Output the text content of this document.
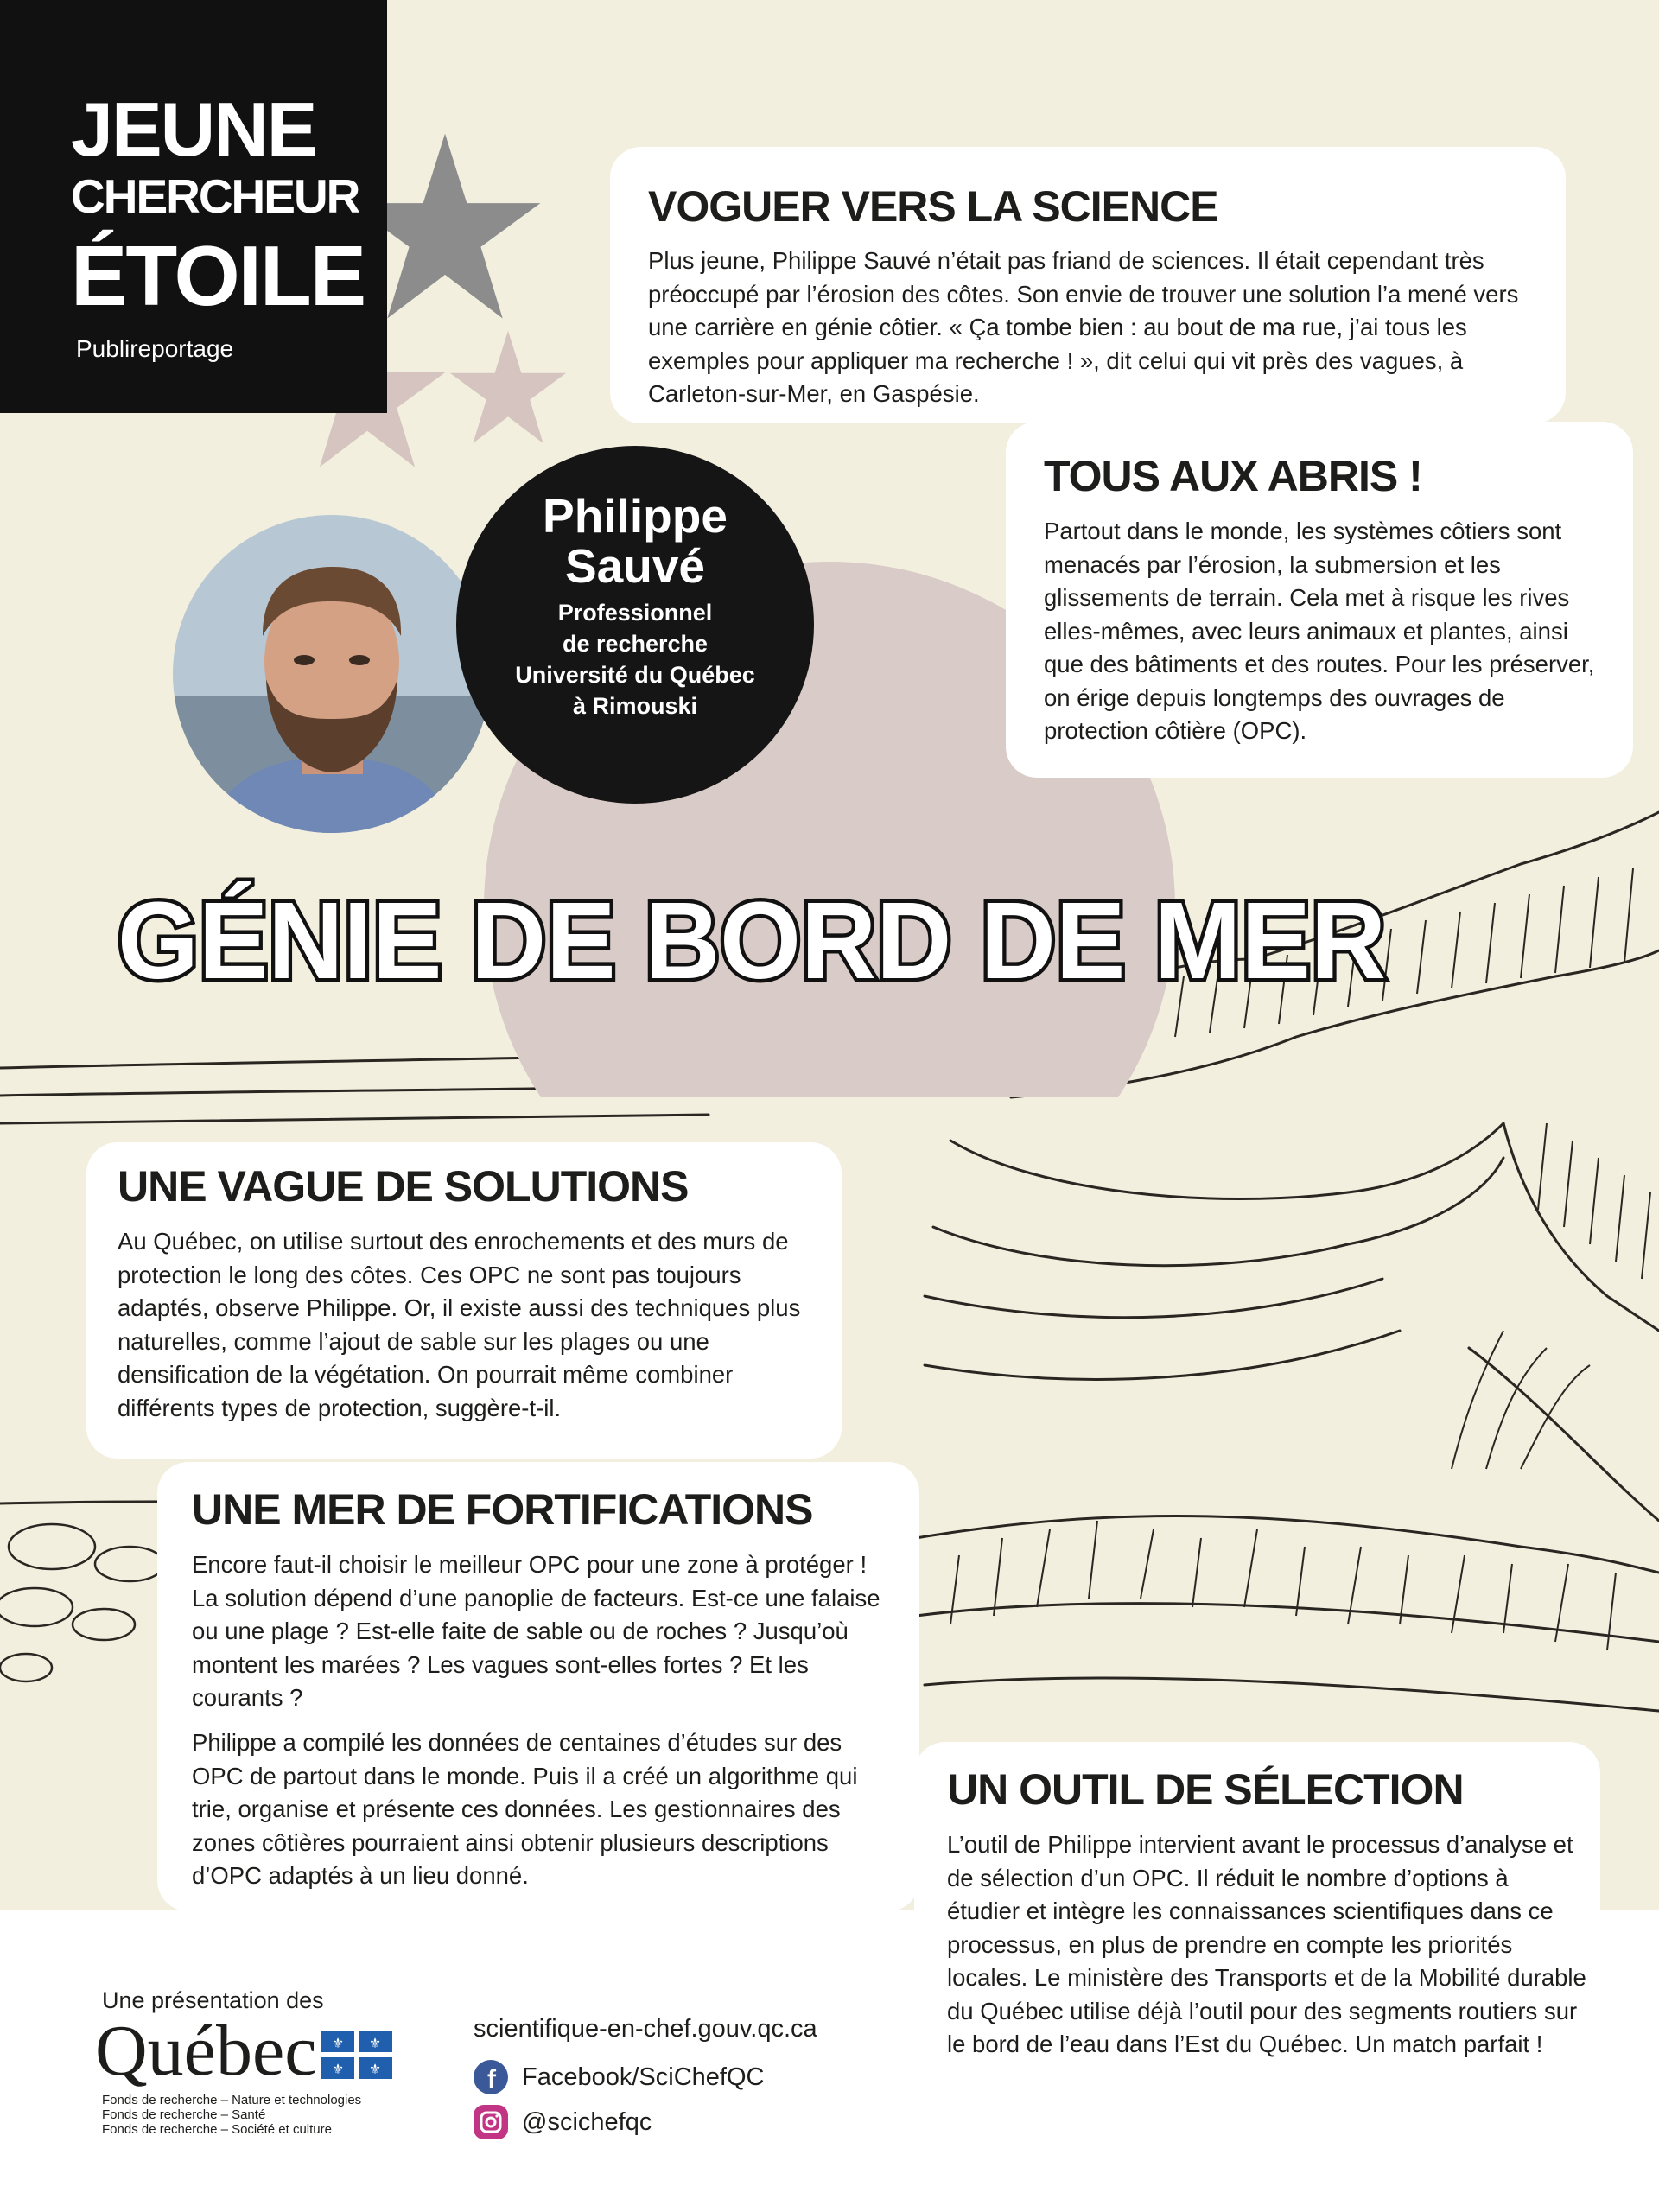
JEUNE
CHERCHEUR
ÉTOILE
Publireportage
VOGUER VERS LA SCIENCE

Plus jeune, Philippe Sauvé n’était pas friand de sciences. Il était cependant très préoccupé par l’érosion des côtes. Son envie de trouver une solution l’a mené vers une carrière en génie côtier. « Ça tombe bien : au bout de ma rue, j’ai tous les exemples pour appliquer ma recherche ! », dit celui qui vit près des vagues, à Carleton-sur-Mer, en Gaspésie.

TOUS AUX ABRIS !

Partout dans le monde, les systèmes côtiers sont menacés par l’érosion, la submersion et les glissements de terrain. Cela met à risque les rives elles-mêmes, avec leurs animaux et plantes, ainsi que des bâtiments et des routes. Pour les préserver, on érige depuis longtemps des ouvrages de protection côtière (OPC).

Philippe
Sauvé
Professionnel
de recherche
Université du Québec
à Rimouski
GÉNIE DE BORD DE MER
UNE VAGUE DE SOLUTIONS

Au Québec, on utilise surtout des enrochements et des murs de protection le long des côtes. Ces OPC ne sont pas toujours adaptés, observe Philippe. Or, il existe aussi des techniques plus naturelles, comme l’ajout de sable sur les plages ou une densification de la végétation. On pourrait même combiner différents types de protection, suggère-t-il.

UNE MER DE FORTIFICATIONS

Encore faut-il choisir le meilleur OPC pour une zone à protéger ! La solution dépend d’une panoplie de facteurs. Est-ce une falaise ou une plage ? Est-elle faite de sable ou de roches ? Jusqu’où montent les marées ? Les vagues sont-elles fortes ? Et les courants ?

Philippe a compilé les données de centaines d’études sur des OPC de partout dans le monde. Puis il a créé un algorithme qui trie, organise et présente ces données. Les gestionnaires des zones côtières pourraient ainsi obtenir plusieurs descriptions d’OPC adaptés à un lieu donné.

UN OUTIL DE SÉLECTION

L’outil de Philippe intervient avant le processus d’analyse et de sélection d’un OPC. Il réduit le nombre d’options à étudier et intègre les connaissances scientifiques dans ce processus, en plus de prendre en compte les priorités locales. Le ministère des Transports et de la Mobilité durable du Québec utilise déjà l’outil pour des segments routiers sur le bord de l’eau dans l’Est du Québec. Un match parfait !

Une présentation des
Québec ⚜ ⚜
⚜ ⚜
Fonds de recherche – Nature et technologies
Fonds de recherche – Santé
Fonds de recherche – Société et culture
scientifique-en-chef.gouv.qc.ca
f Facebook/SciChefQC
@scichefqc
